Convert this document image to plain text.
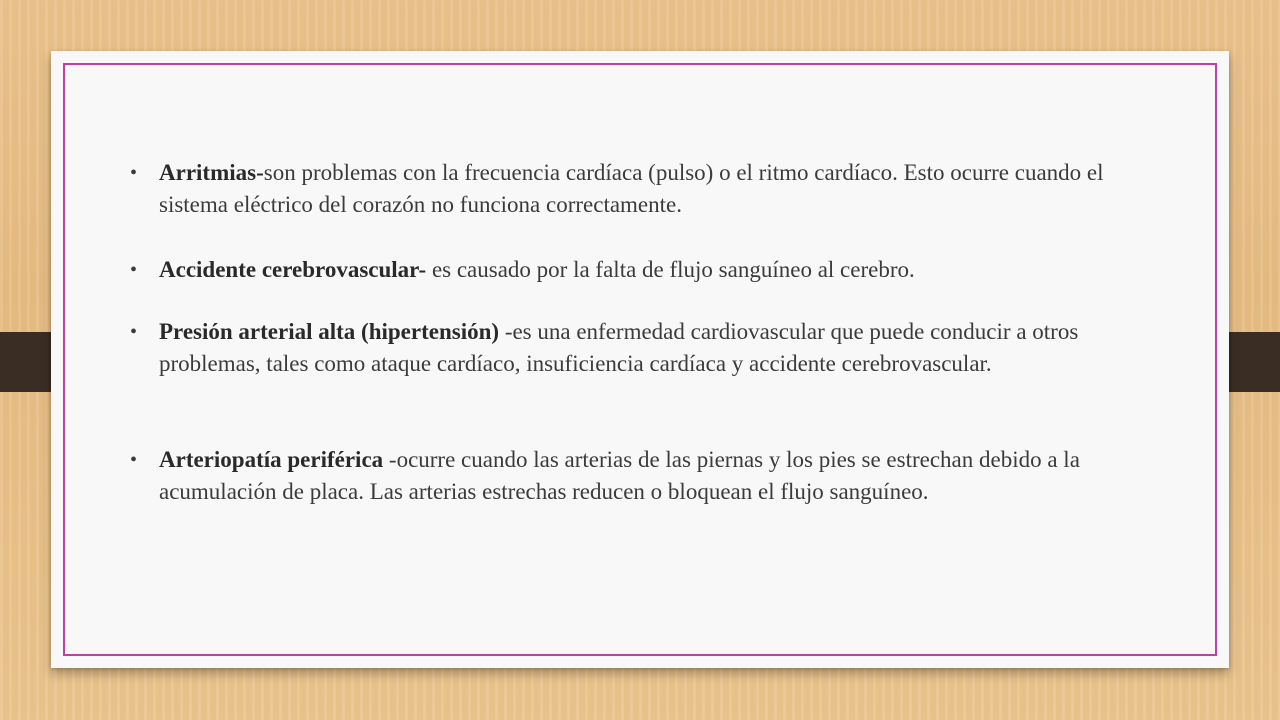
• Arritmias-son problemas con la frecuencia cardíaca (pulso) o el ritmo cardíaco. Esto ocurre cuando el sistema eléctrico del corazón no funciona correctamente.
• Accidente cerebrovascular- es causado por la falta de flujo sanguíneo al cerebro.
• Presión arterial alta (hipertensión) -es una enfermedad cardiovascular que puede conducir a otros problemas, tales como ataque cardíaco, insuficiencia cardíaca y accidente cerebrovascular.
• Arteriopatía periférica -ocurre cuando las arterias de las piernas y los pies se estrechan debido a la acumulación de placa. Las arterias estrechas reducen o bloquean el flujo sanguíneo.
